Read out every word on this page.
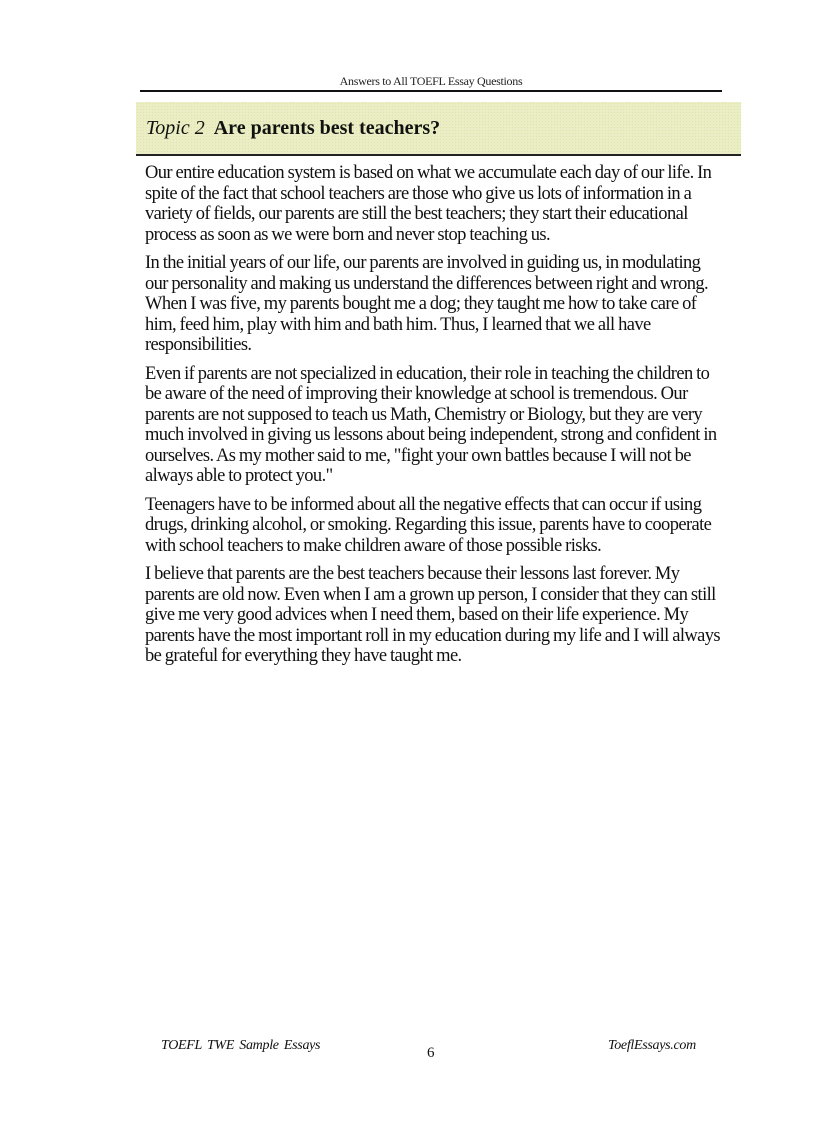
Answers to All TOEFL Essay Questions
Topic 2 Are parents best teachers?

Our entire education system is based on what we accumulate each day of our life. In spite of the fact that school teachers are those who give us lots of information in a variety of fields, our parents are still the best teachers; they start their educational process as soon as we were born and never stop teaching us.

In the initial years of our life, our parents are involved in guiding us, in modulating our personality and making us understand the differences between right and wrong. When I was five, my parents bought me a dog; they taught me how to take care of him, feed him, play with him and bath him. Thus, I learned that we all have responsibilities.

Even if parents are not specialized in education, their role in teaching the children to be aware of the need of improving their knowledge at school is tremendous. Our parents are not supposed to teach us Math, Chemistry or Biology, but they are very much involved in giving us lessons about being independent, strong and confident in ourselves. As my mother said to me, "fight your own battles because I will not be always able to protect you."

Teenagers have to be informed about all the negative effects that can occur if using drugs, drinking alcohol, or smoking. Regarding this issue, parents have to cooperate with school teachers to make children aware of those possible risks.

I believe that parents are the best teachers because their lessons last forever. My parents are old now. Even when I am a grown up person, I consider that they can still give me very good advices when I need them, based on their life experience. My parents have the most important roll in my education during my life and I will always be grateful for everything they have taught me.

TOEFL TWE Sample Essays	6	ToeflEssays.com
